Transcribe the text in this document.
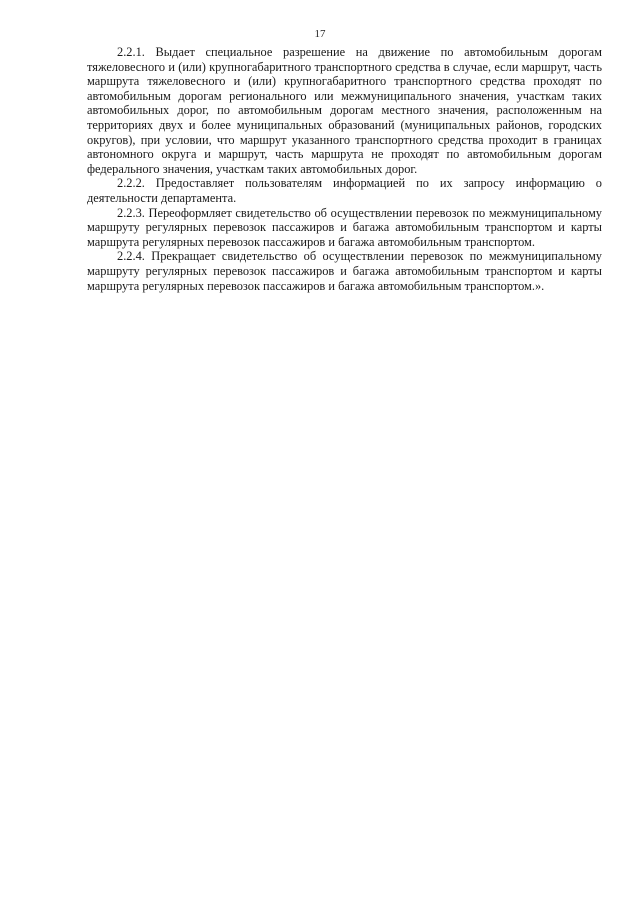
17

2.2.1. Выдает специальное разрешение на движение по автомобильным дорогам тяжеловесного и (или) крупногабаритного транспортного средства в случае, если маршрут, часть маршрута тяжеловесного и (или) крупногабаритного транспортного средства проходят по автомобильным дорогам регионального или межмуниципального значения, участкам таких автомобильных дорог, по автомобильным дорогам местного значения, расположенным на территориях двух и более муниципальных образований (муниципальных районов, городских округов), при условии, что маршрут указанного транспортного средства проходит в границах автономного округа и маршрут, часть маршрута не проходят по автомобильным дорогам федерального значения, участкам таких автомобильных дорог.

2.2.2. Предоставляет пользователям информацией по их запросу информацию о деятельности департамента.

2.2.3. Переоформляет свидетельство об осуществлении перевозок по межмуниципальному маршруту регулярных перевозок пассажиров и багажа автомобильным транспортом и карты маршрута регулярных перевозок пассажиров и багажа автомобильным транспортом.

2.2.4. Прекращает свидетельство об осуществлении перевозок по межмуниципальному маршруту регулярных перевозок пассажиров и багажа автомобильным транспортом и карты маршрута регулярных перевозок пассажиров и багажа автомобильным транспортом.».
